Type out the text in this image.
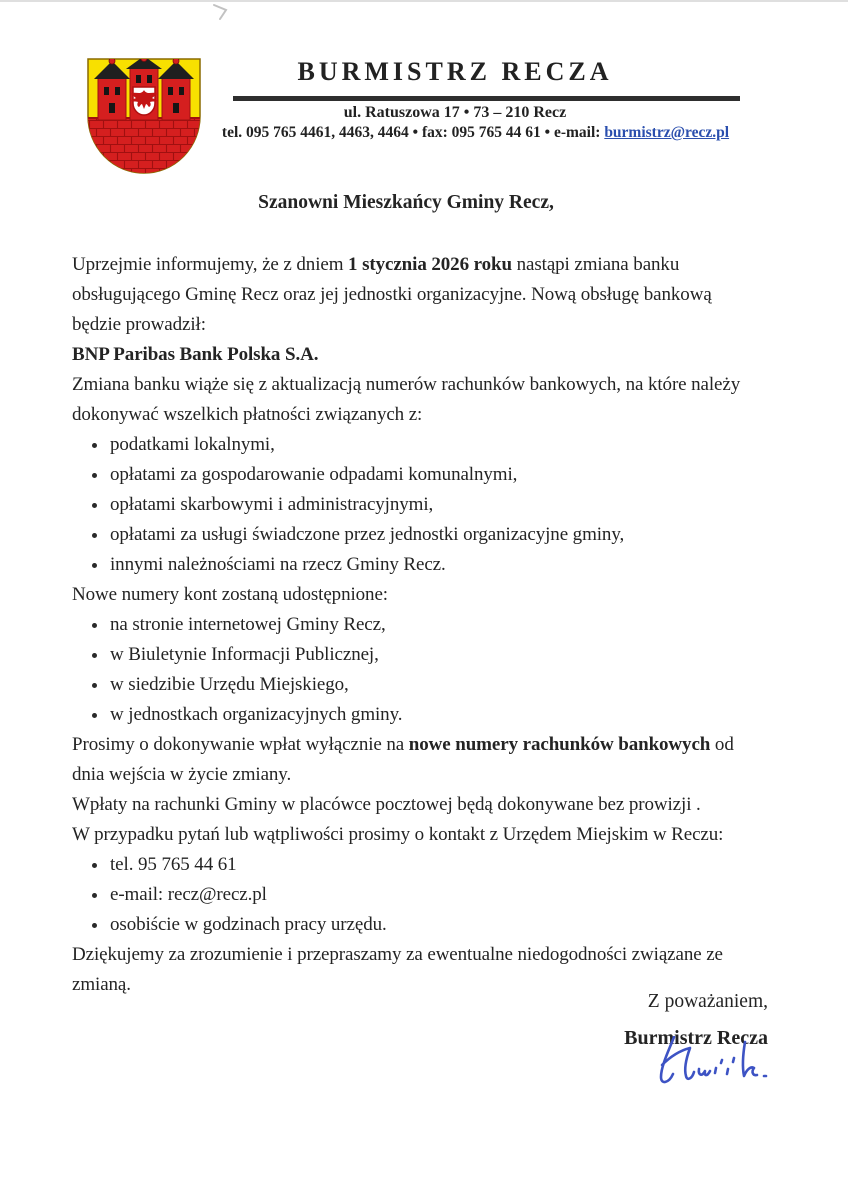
BURMISTRZ RECZA
ul. Ratuszowa 17 • 73 – 210 Recz
tel. 095 765 4461, 4463, 4464 • fax: 095 765 44 61 • e-mail: burmistrz@recz.pl
Szanowni Mieszkańcy Gminy Recz,

Uprzejmie informujemy, że z dniem 1 stycznia 2026 roku nastąpi zmiana banku obsługującego Gminę Recz oraz jej jednostki organizacyjne. Nową obsługę bankową będzie prowadził:

BNP Paribas Bank Polska S.A.

Zmiana banku wiąże się z aktualizacją numerów rachunków bankowych, na które należy dokonywać wszelkich płatności związanych z:

podatkami lokalnymi,
opłatami za gospodarowanie odpadami komunalnymi,
opłatami skarbowymi i administracyjnymi,
opłatami za usługi świadczone przez jednostki organizacyjne gminy,
innymi należnościami na rzecz Gminy Recz.

Nowe numery kont zostaną udostępnione:

na stronie internetowej Gminy Recz,
w Biuletynie Informacji Publicznej,
w siedzibie Urzędu Miejskiego,
w jednostkach organizacyjnych gminy.

Prosimy o dokonywanie wpłat wyłącznie na nowe numery rachunków bankowych od dnia wejścia w życie zmiany.

Wpłaty na rachunki Gminy w placówce pocztowej będą dokonywane bez prowizji .

W przypadku pytań lub wątpliwości prosimy o kontakt z Urzędem Miejskim w Reczu:

tel. 95 765 44 61
e-mail: recz@recz.pl
osobiście w godzinach pracy urzędu.

Dziękujemy za zrozumienie i przepraszamy za ewentualne niedogodności związane ze zmianą.

Z poważaniem,
Burmistrz Recza
